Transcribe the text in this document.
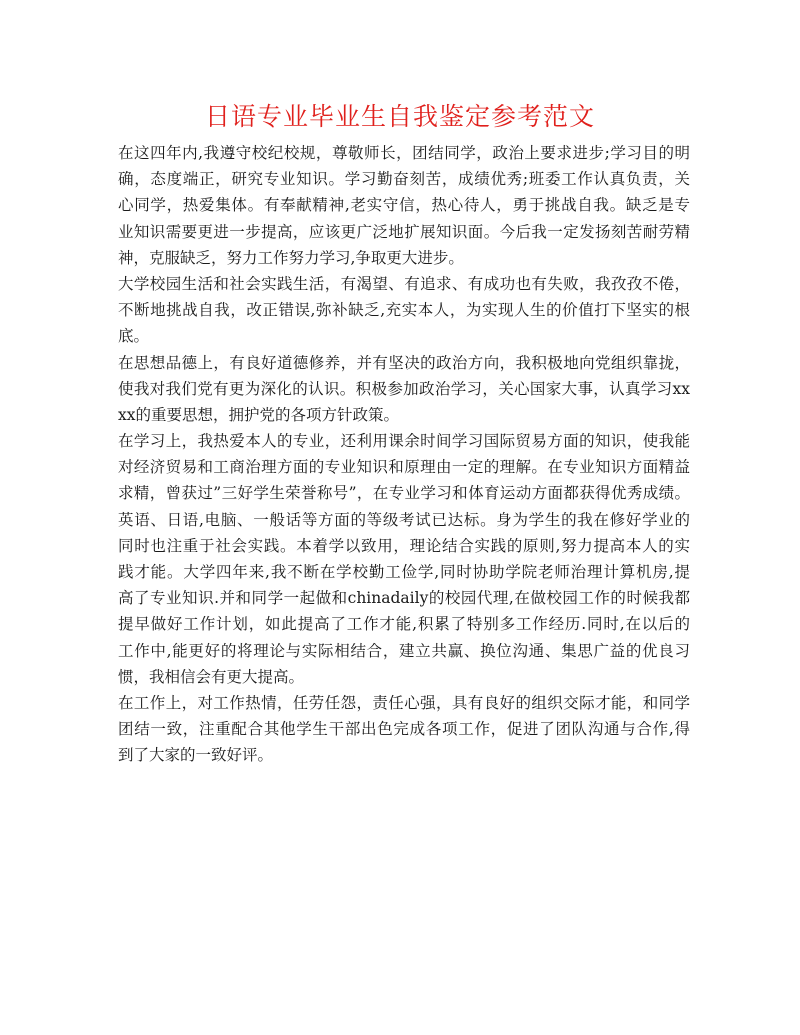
日语专业毕业生自我鉴定参考范文
在这四年内,我遵守校纪校规，尊敬师长，团结同学，政治上要求进步;学习目的明
确，态度端正，研究专业知识。学习勤奋刻苦，成绩优秀;班委工作认真负责，关
心同学，热爱集体。有奉献精神,老实守信，热心待人，勇于挑战自我。缺乏是专
业知识需要更进一步提高，应该更广泛地扩展知识面。今后我一定发扬刻苦耐劳精
神，克服缺乏，努力工作努力学习,争取更大进步。
大学校园生活和社会实践生活，有渴望、有追求、有成功也有失败，我孜孜不倦，
不断地挑战自我，改正错误,弥补缺乏,充实本人，为实现人生的价值打下坚实的根
底。
在思想品德上，有良好道德修养，并有坚决的政治方向，我积极地向党组织靠拢，
使我对我们党有更为深化的认识。积极参加政治学习，关心国家大事，认真学习xx
xx的重要思想，拥护党的各项方针政策。
在学习上，我热爱本人的专业，还利用课余时间学习国际贸易方面的知识，使我能
对经济贸易和工商治理方面的专业知识和原理由一定的理解。在专业知识方面精益
求精，曾获过”三好学生荣誉称号”，在专业学习和体育运动方面都获得优秀成绩。
英语、日语,电脑、一般话等方面的等级考试已达标。身为学生的我在修好学业的
同时也注重于社会实践。本着学以致用，理论结合实践的原则,努力提高本人的实
践才能。大学四年来,我不断在学校勤工俭学,同时协助学院老师治理计算机房,提
高了专业知识.并和同学一起做和chinadaily的校园代理,在做校园工作的时候我都
提早做好工作计划，如此提高了工作才能,积累了特别多工作经历.同时,在以后的
工作中,能更好的将理论与实际相结合，建立共赢、换位沟通、集思广益的优良习
惯，我相信会有更大提高。
在工作上，对工作热情，任劳任怨，责任心强，具有良好的组织交际才能，和同学
团结一致，注重配合其他学生干部出色完成各项工作，促进了团队沟通与合作,得
到了大家的一致好评。
